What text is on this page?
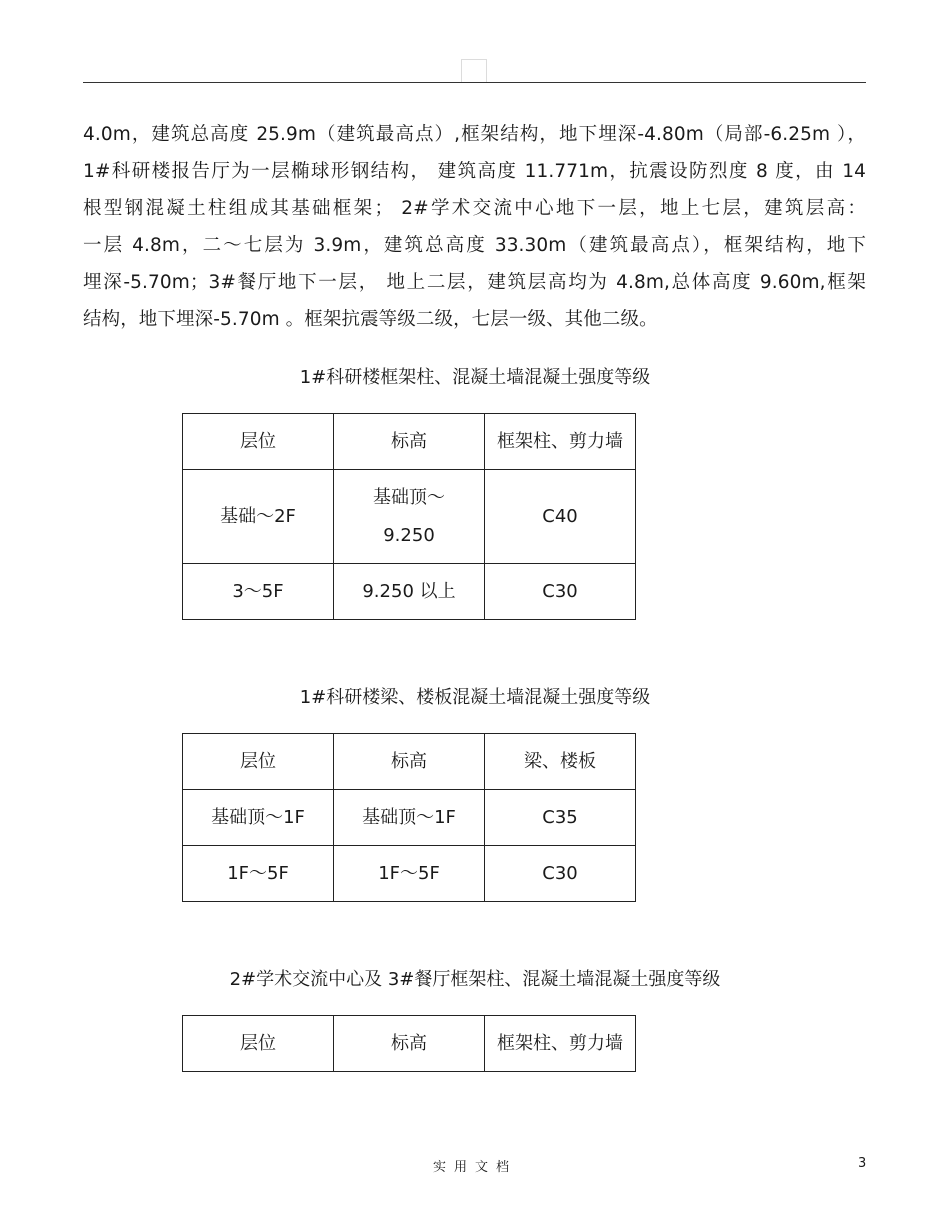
4.0m，建筑总高度 25.9m（建筑最高点）,框架结构，地下埋深-4.80m（局部-6.25m ），
1#科研楼报告厅为一层椭球形钢结构， 建筑高度 11.771m，抗震设防烈度 8 度，由 14
根型钢混凝土柱组成其基础框架； 2#学术交流中心地下一层，地上七层，建筑层高：
一层 4.8m，二～七层为 3.9m，建筑总高度 33.30m（建筑最高点），框架结构，地下
埋深-5.70m；3#餐厅地下一层， 地上二层，建筑层高均为 4.8m,总体高度 9.60m,框架
结构，地下埋深-5.70m 。框架抗震等级二级，七层一级、其他二级。
1#科研楼框架柱、混凝土墙混凝土强度等级
层位	标高	框架柱、剪力墙
基础～2F	基础顶～9.250	C40
3～5F	9.250 以上	C30
1#科研楼梁、楼板混凝土墙混凝土强度等级
层位	标高	梁、楼板
基础顶～1F	基础顶～1F	C35
1F～5F	1F～5F	C30
2#学术交流中心及 3#餐厅框架柱、混凝土墙混凝土强度等级
层位	标高	框架柱、剪力墙
实用文档	3
